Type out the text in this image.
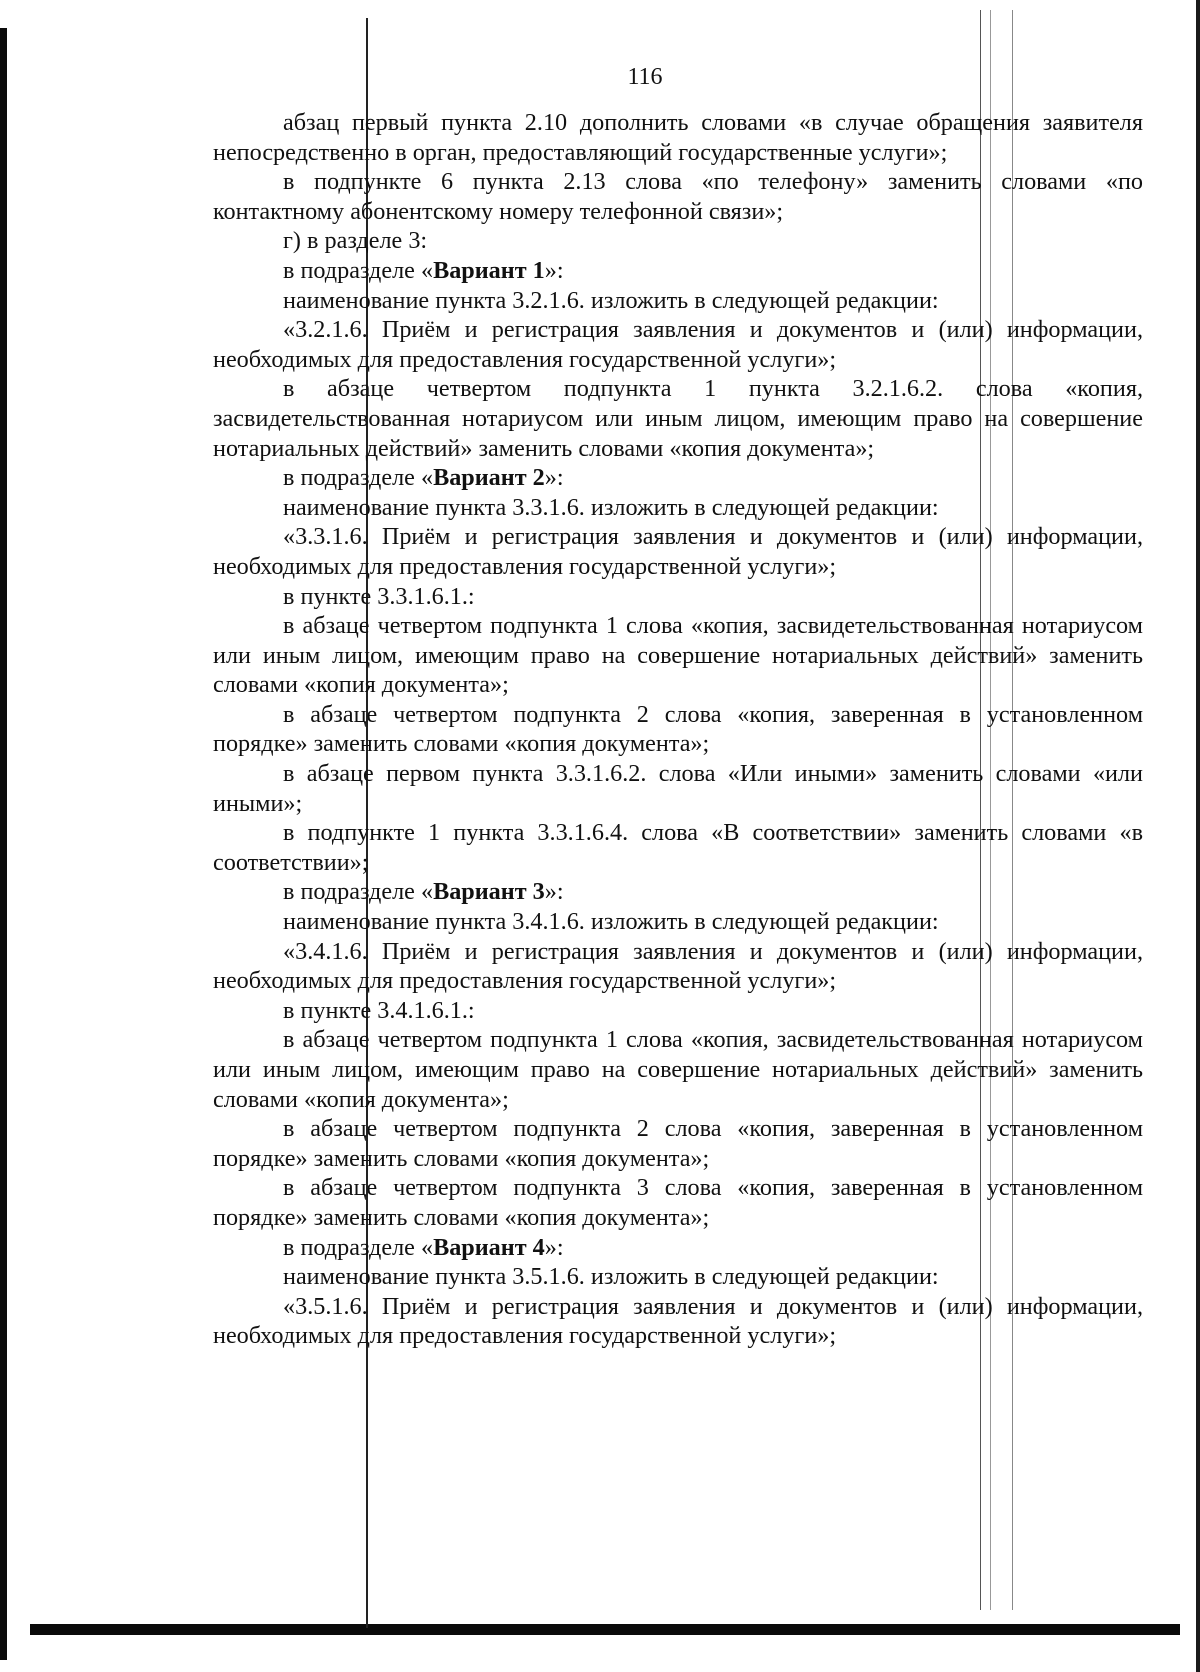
116

абзац первый пункта 2.10 дополнить словами «в случае обращения заявителя непосредственно в орган, предоставляющий государственные услуги»;

в подпункте 6 пункта 2.13 слова «по телефону» заменить словами «по контактному абонентскому номеру телефонной связи»;

г) в разделе 3:

в подразделе «Вариант 1»:

наименование пункта 3.2.1.6. изложить в следующей редакции:

«3.2.1.6. Приём и регистрация заявления и документов и (или) информации, необходимых для предоставления государственной услуги»;

в абзаце четвертом подпункта 1 пункта 3.2.1.6.2. слова «копия, засвидетельствованная нотариусом или иным лицом, имеющим право на совершение нотариальных действий» заменить словами «копия документа»;

в подразделе «Вариант 2»:

наименование пункта 3.3.1.6. изложить в следующей редакции:

«3.3.1.6. Приём и регистрация заявления и документов и (или) информации, необходимых для предоставления государственной услуги»;

в пункте 3.3.1.6.1.:

в абзаце четвертом подпункта 1 слова «копия, засвидетельствованная нотариусом или иным лицом, имеющим право на совершение нотариальных действий» заменить словами «копия документа»;

в абзаце четвертом подпункта 2 слова «копия, заверенная в установленном порядке» заменить словами «копия документа»;

в абзаце первом пункта 3.3.1.6.2. слова «Или иными» заменить словами «или иными»;

в подпункте 1 пункта 3.3.1.6.4. слова «В соответствии» заменить словами «в соответствии»;

в подразделе «Вариант 3»:

наименование пункта 3.4.1.6. изложить в следующей редакции:

«3.4.1.6. Приём и регистрация заявления и документов и (или) информации, необходимых для предоставления государственной услуги»;

в пункте 3.4.1.6.1.:

в абзаце четвертом подпункта 1 слова «копия, засвидетельствованная нотариусом или иным лицом, имеющим право на совершение нотариальных действий» заменить словами «копия документа»;

в абзаце четвертом подпункта 2 слова «копия, заверенная в установленном порядке» заменить словами «копия документа»;

в абзаце четвертом подпункта 3 слова «копия, заверенная в установленном порядке» заменить словами «копия документа»;

в подразделе «Вариант 4»:

наименование пункта 3.5.1.6. изложить в следующей редакции:

«3.5.1.6. Приём и регистрация заявления и документов и (или) информации, необходимых для предоставления государственной услуги»;
